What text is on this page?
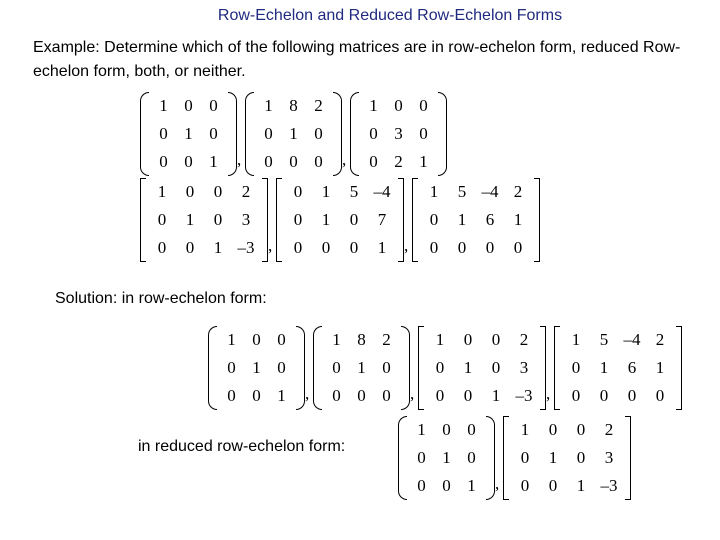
Row-Echelon and Reduced Row-Echelon Forms
Example: Determine which of the following matrices are in row-echelon form, reduced Row-echelon form, both, or neither.
1 0 0
0 1 0
0 0 1	,
1 8 2
0 1 0
0 0 0	,
1 0 0
0 3 0
0 2 1
1	0	0	2
0	1	0	3
0	0	1 –3 ,
0	1	5 –4
0	1	0	7
0	0	0	1	,
1	5 –4 2
0	1	6	1
0	0	0	0
Solution: in row-echelon form:
1 0 0
0 1 0
0 0 1	,
1 8 2
0 1 0
0 0 0	,
1	0	0	2
0	1	0	3
0	0	1 –3 ,
1	5 –4 2
0	1	6	1
0	0	0	0
in reduced row-echelon form:
1 0 0
0 1 0
0 0 1	,
1	0	0	2
0	1	0	3
0	0	1 –3
